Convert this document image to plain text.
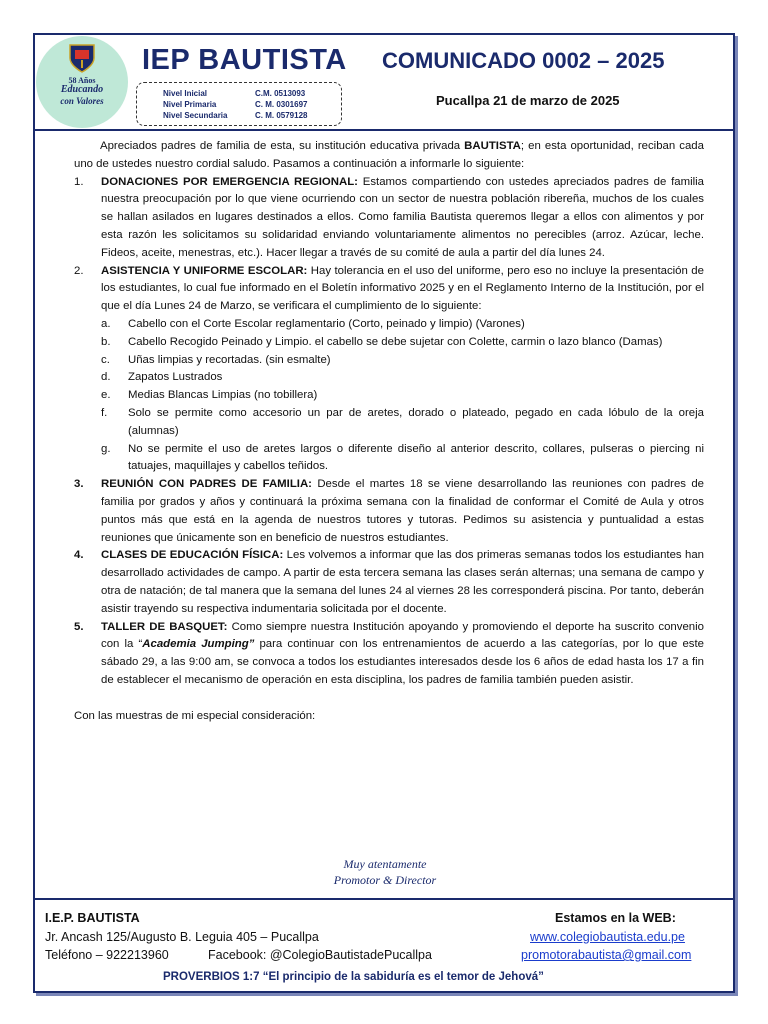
58 Años
Educando
con Valores
IEP BAUTISTA
Nivel Inicial	C.M. 0513093
Nivel Primaria	C. M. 0301697
Nivel Secundaria	C. M. 0579128
COMUNICADO 0002 – 2025
Pucallpa 21 de marzo de 2025

Apreciados padres de familia de esta, su institución educativa privada BAUTISTA; en esta oportunidad, reciban cada uno de ustedes nuestro cordial saludo. Pasamos a continuación a informarle lo siguiente:

1. DONACIONES POR EMERGENCIA REGIONAL: Estamos compartiendo con ustedes apreciados padres de familia nuestra preocupación por lo que viene ocurriendo con un sector de nuestra población ribereña, muchos de los cuales se hallan asilados en lugares destinados a ellos. Como familia Bautista queremos llegar a ellos con alimentos y por esta razón les solicitamos su solidaridad enviando voluntariamente alimentos no perecibles (arroz. Azúcar, leche. Fideos, aceite, menestras, etc.). Hacer llegar a través de su comité de aula a partir del día lunes 24.
2. ASISTENCIA Y UNIFORME ESCOLAR: Hay tolerancia en el uso del uniforme, pero eso no incluye la presentación de los estudiantes, lo cual fue informado en el Boletín informativo 2025 y en el Reglamento Interno de la Institución, por el que el día Lunes 24 de Marzo, se verificara el cumplimiento de lo siguiente:
a. Cabello con el Corte Escolar reglamentario (Corto, peinado y limpio) (Varones)
b. Cabello Recogido Peinado y Limpio. el cabello se debe sujetar con Colette, carmin o lazo blanco (Damas)
c. Uñas limpias y recortadas. (sin esmalte)
d. Zapatos Lustrados
e. Medias Blancas Limpias (no tobillera)
f. Solo se permite como accesorio un par de aretes, dorado o plateado, pegado en cada lóbulo de la oreja (alumnas)
g. No se permite el uso de aretes largos o diferente diseño al anterior descrito, collares, pulseras o piercing ni tatuajes, maquillajes y cabellos teñidos.
3. REUNIÓN CON PADRES DE FAMILIA: Desde el martes 18 se viene desarrollando las reuniones con padres de familia por grados y años y continuará la próxima semana con la finalidad de conformar el Comité de Aula y otros puntos más que está en la agenda de nuestros tutores y tutoras. Pedimos su asistencia y puntualidad a estas reuniones que únicamente son en beneficio de nuestros estudiantes.
4. CLASES DE EDUCACIÓN FÍSICA: Les volvemos a informar que las dos primeras semanas todos los estudiantes han desarrollado actividades de campo. A partir de esta tercera semana las clases serán alternas; una semana de campo y otra de natación; de tal manera que la semana del lunes 24 al viernes 28 les corresponderá piscina. Por tanto, deberán asistir trayendo su respectiva indumentaria solicitada por el docente.
5. TALLER DE BASQUET: Como siempre nuestra Institución apoyando y promoviendo el deporte ha suscrito convenio con la “Academia Jumping” para continuar con los entrenamientos de acuerdo a las categorías, por lo que este sábado 29, a las 9:00 am, se convoca a todos los estudiantes interesados desde los 6 años de edad hasta los 17 a fin de establecer el mecanismo de operación en esta disciplina, los padres de familia también pueden asistir.

Con las muestras de mi especial consideración:

Muy atentamente
Promotor & Director
I.E.P. BAUTISTA
Jr. Ancash 125/Augusto B. Leguia 405 – Pucallpa
Teléfono – 922213960	Facebook: @ColegioBautistadePucallpa
Estamos en la WEB:
www.colegiobautista.edu.pe
promotorabautista@gmail.com
PROVERBIOS 1:7 “El principio de la sabiduría es el temor de Jehová”
